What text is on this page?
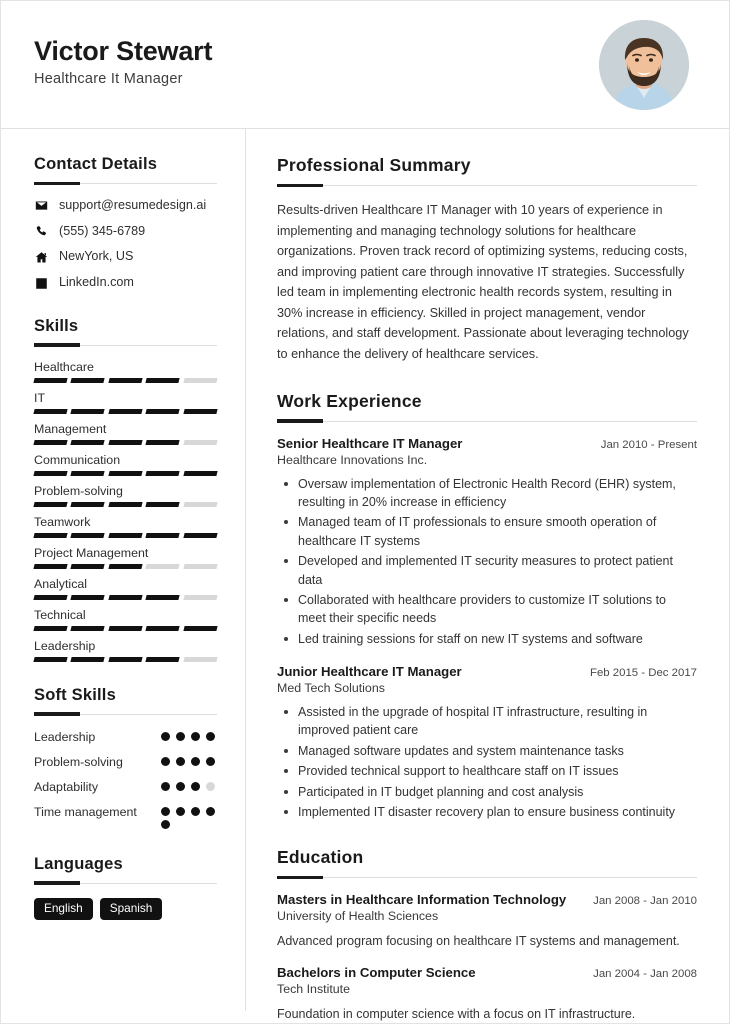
Victor Stewart
Healthcare It Manager
Contact Details
support@resumedesign.ai
(555) 345-6789
NewYork, US
LinkedIn.com
Skills
Healthcare
IT
Management
Communication
Problem-solving
Teamwork
Project Management
Analytical
Technical
Leadership
Soft Skills
Leadership
Problem-solving
Adaptability
Time management
Languages
English	Spanish
Professional Summary
Results-driven Healthcare IT Manager with 10 years of experience in implementing and managing technology solutions for healthcare organizations. Proven track record of optimizing systems, reducing costs, and improving patient care through innovative IT strategies. Successfully led team in implementing electronic health records system, resulting in 30% increase in efficiency. Skilled in project management, vendor relations, and staff development. Passionate about leveraging technology to enhance the delivery of healthcare services.
Work Experience
Senior Healthcare IT Manager	Jan 2010 - Present
Healthcare Innovations Inc.
Oversaw implementation of Electronic Health Record (EHR) system, resulting in 20% increase in efficiency
Managed team of IT professionals to ensure smooth operation of healthcare IT systems
Developed and implemented IT security measures to protect patient data
Collaborated with healthcare providers to customize IT solutions to meet their specific needs
Led training sessions for staff on new IT systems and software
Junior Healthcare IT Manager	Feb 2015 - Dec 2017
Med Tech Solutions
Assisted in the upgrade of hospital IT infrastructure, resulting in improved patient care
Managed software updates and system maintenance tasks
Provided technical support to healthcare staff on IT issues
Participated in IT budget planning and cost analysis
Implemented IT disaster recovery plan to ensure business continuity
Education
Masters in Healthcare Information Technology Jan 2008 - Jan 2010
University of Health Sciences
Advanced program focusing on healthcare IT systems and management.
Bachelors in Computer Science	Jan 2004 - Jan 2008
Tech Institute
Foundation in computer science with a focus on IT infrastructure.
